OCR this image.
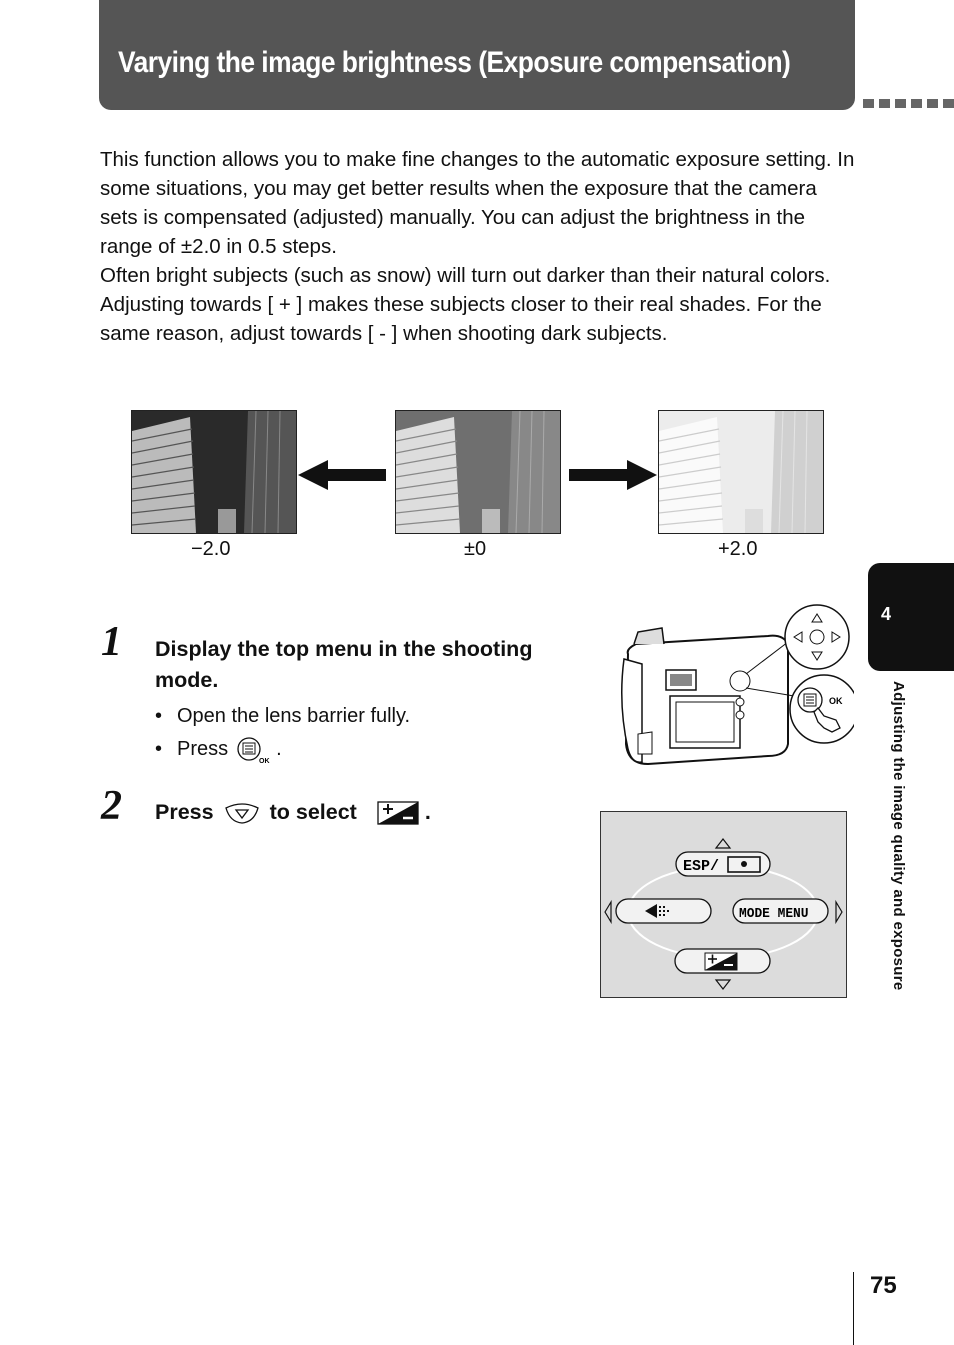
Varying the image brightness (Exposure compensation)

This function allows you to make fine changes to the automatic exposure setting. In some situations, you may get better results when the exposure that the camera sets is compensated (adjusted) manually. You can adjust the brightness in the range of ±2.0 in 0.5 steps.

Often bright subjects (such as snow) will turn out darker than their natural colors. Adjusting towards [ + ] makes these subjects closer to their real shades. For the same reason, adjust towards [ - ] when shooting dark subjects.

−2.0	±0	+2.0
1 Display the top menu in the shooting mode.
• Open the lens barrier fully.
• Press
OK
.
OK
2 Press	to select	.
ESP/
MODE MENU
4
Adjusting the image quality and exposure
75
